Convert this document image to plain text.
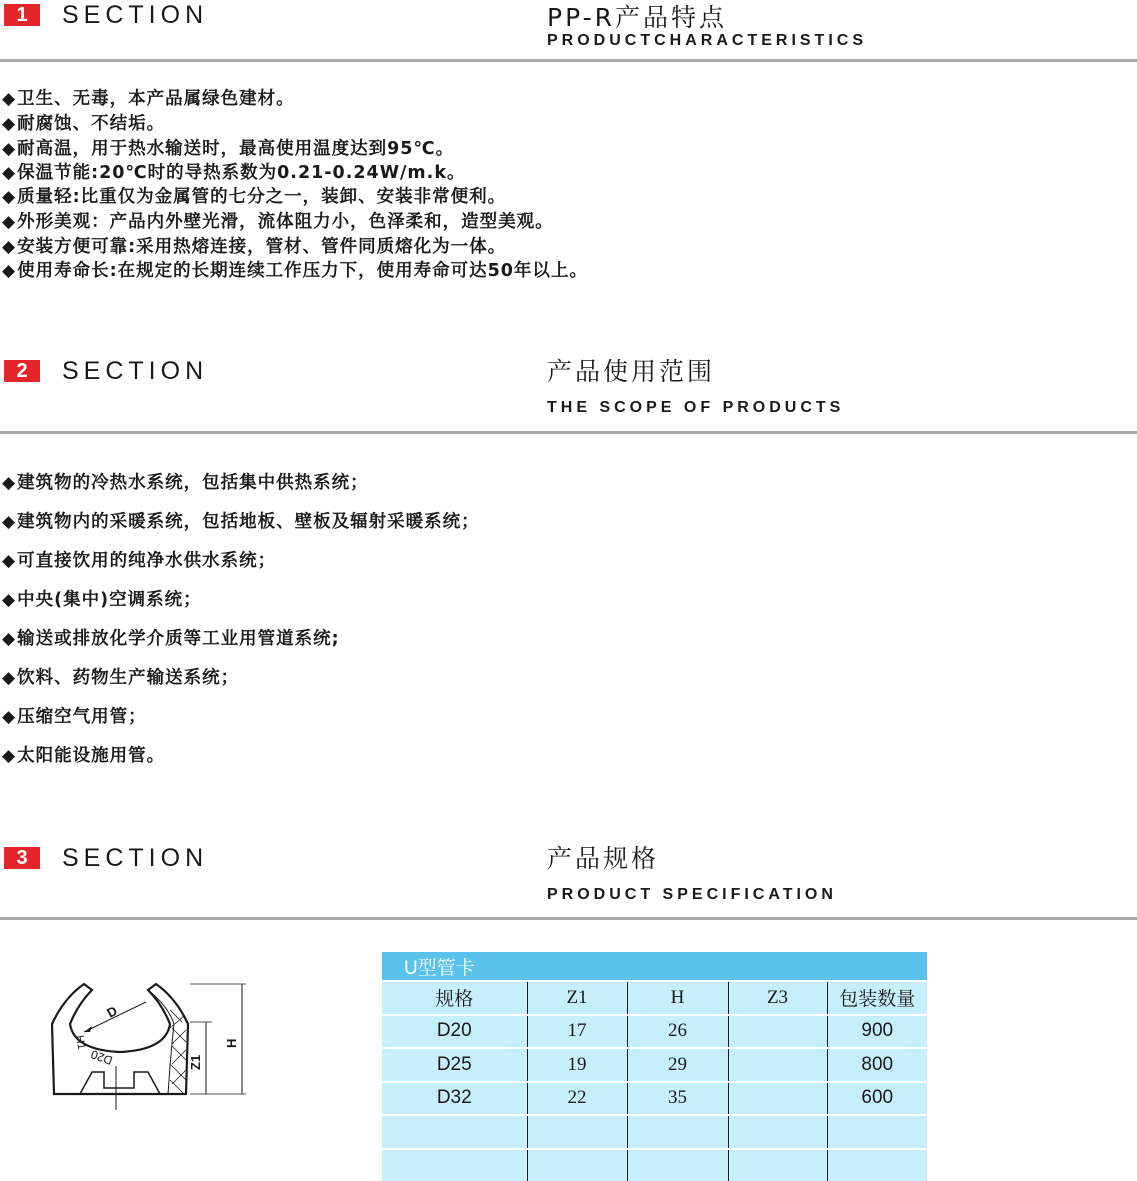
1	SECTION	PP-R产品特点
PRODUCTCHARACTERISTICS
◆卫生、无毒，本产品属绿色建材。
◆耐腐蚀、不结垢。
◆耐高温，用于热水输送时，最高使用温度达到95℃。
◆保温节能:20℃时的导热系数为0.21-0.24W/m.k。
◆质量轻:比重仅为金属管的七分之一，装卸、安装非常便利。
◆外形美观：产品内外壁光滑，流体阻力小，色泽柔和，造型美观。
◆安装方便可靠:采用热熔连接，管材、管件同质熔化为一体。
◆使用寿命长:在规定的长期连续工作压力下，使用寿命可达50年以上。
2	SECTION	产品使用范围
THE SCOPE OF PRODUCTS
◆建筑物的冷热水系统，包括集中供热系统；
◆建筑物内的采暖系统，包括地板、壁板及辐射采暖系统；
◆可直接饮用的纯净水供水系统；
◆中央(集中)空调系统；
◆输送或排放化学介质等工业用管道系统;
◆饮料、药物生产输送系统；
◆压缩空气用管；
◆太阳能设施用管。
3	SECTION	产品规格
PRODUCT SPECIFICATION
D
H1
D20	Z1
H
U型管卡				
规格	Z1	H	Z3	包装数量
D20	17	26		900
D25	19	29		800
D32	22	35		600
